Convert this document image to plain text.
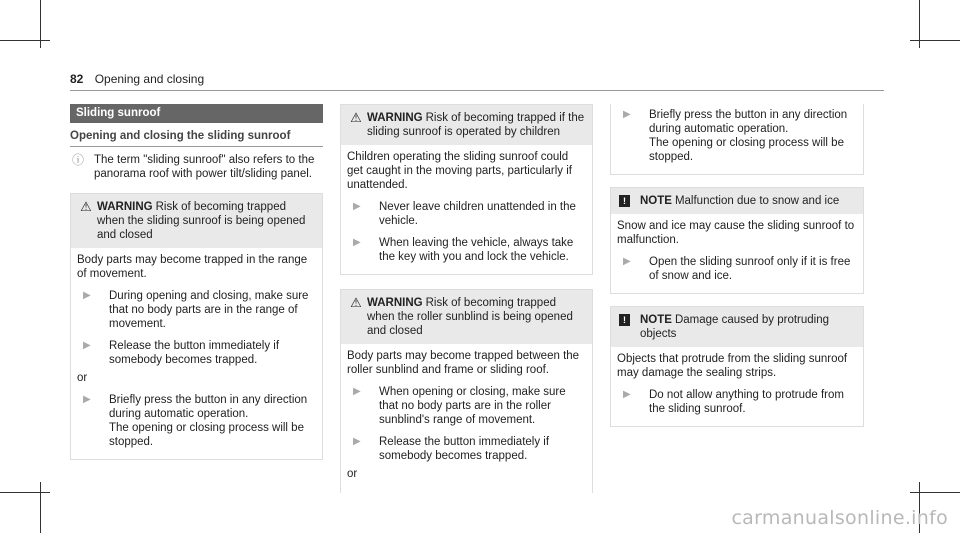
82 Opening and closing
Sliding sunroof
Opening and closing the sliding sunroof
ⓘ The term "sliding sunroof" also refers to the panorama roof with power tilt/sliding panel.
⚠ WARNING Risk of becoming trapped when the sliding sunroof is being opened and closed
Body parts may become trapped in the range of movement.
▶	During opening and closing, make sure that no body parts are in the range of movement.
▶	Release the button immediately if somebody becomes trapped.
or
▶	Briefly press the button in any direction during automatic operation.
The opening or closing process will be stopped.
⚠ WARNING Risk of becoming trapped if the sliding sunroof is operated by children
Children operating the sliding sunroof could get caught in the moving parts, particularly if unattended.
▶	Never leave children unattended in the vehicle.
▶	When leaving the vehicle, always take the key with you and lock the vehicle.
⚠ WARNING Risk of becoming trapped when the roller sunblind is being opened and closed
Body parts may become trapped between the roller sunblind and frame or sliding roof.
▶	When opening or closing, make sure that no body parts are in the roller sunblind's range of movement.
▶	Release the button immediately if somebody becomes trapped.
or
▶	Briefly press the button in any direction during automatic operation.
The opening or closing process will be stopped.
!	NOTE Malfunction due to snow and ice
Snow and ice may cause the sliding sunroof to malfunction.
▶	Open the sliding sunroof only if it is free of snow and ice.
!	NOTE Damage caused by protruding objects
Objects that protrude from the sliding sunroof may damage the sealing strips.
▶	Do not allow anything to protrude from the sliding sunroof.
carmanualsonline.info
